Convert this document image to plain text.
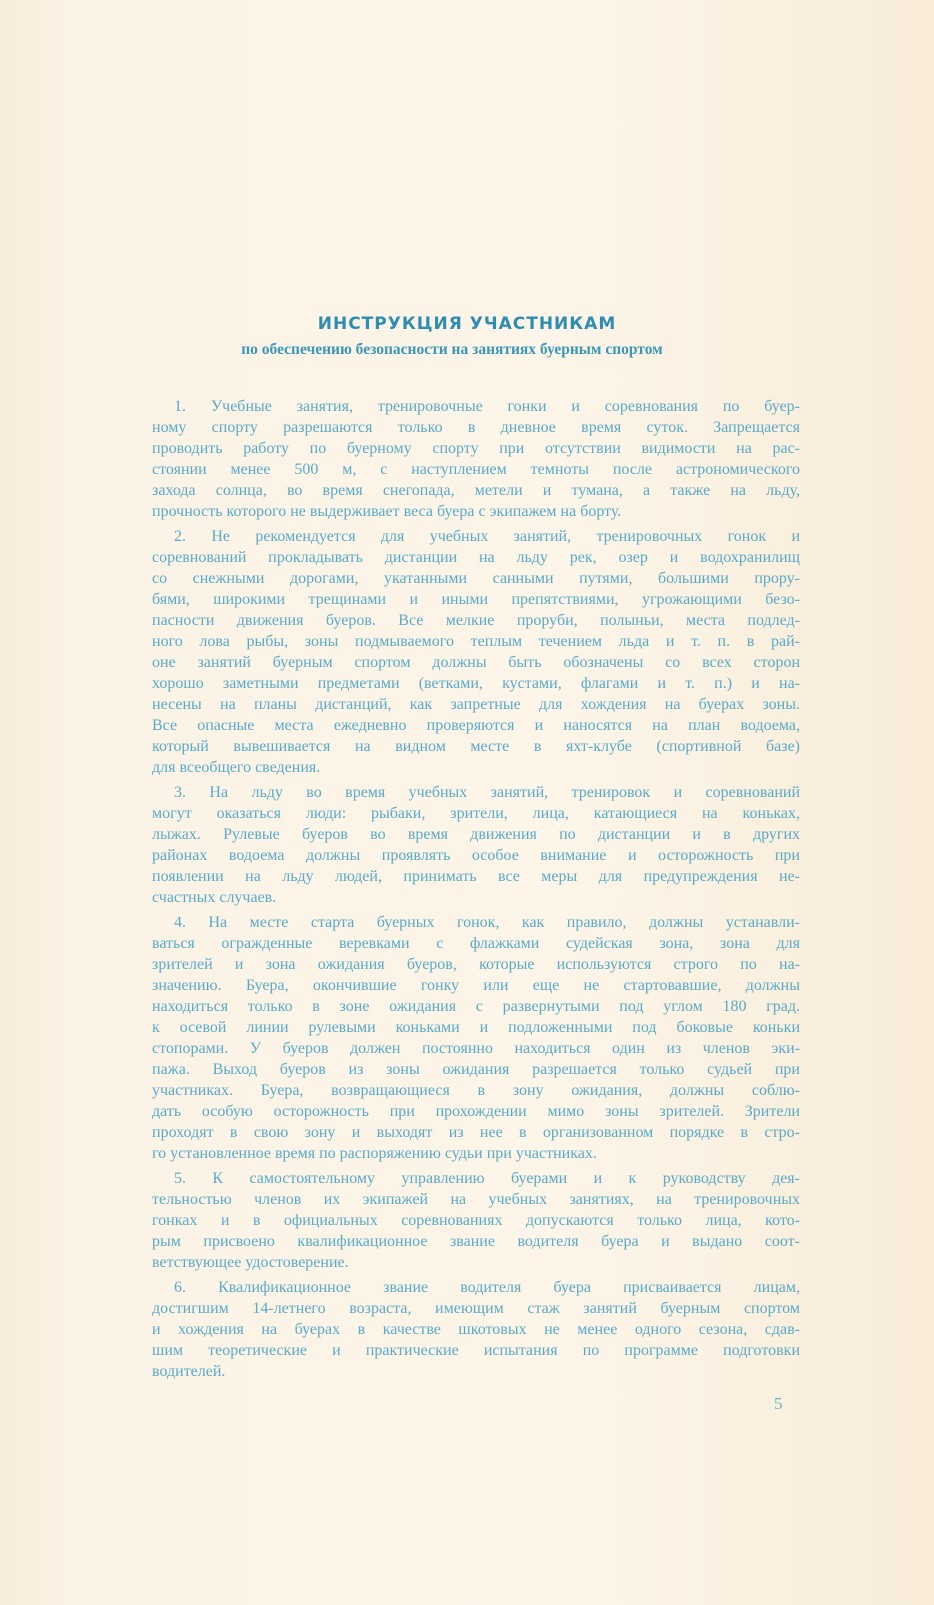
ИНСТРУКЦИЯ УЧАСТНИКАМ
по обеспечению безопасности на занятиях буерным спортом
1. Учебные занятия, тренировочные гонки и соревнования по буер-
ному спорту разрешаются только в дневное время суток. Запрещается
проводить работу по буерному спорту при отсутствии видимости на рас-
стоянии менее 500 м, с наступлением темноты после астрономического
захода солнца, во время снегопада, метели и тумана, а также на льду,
прочность которого не выдерживает веса буера с экипажем на борту.
2. Не рекомендуется для учебных занятий, тренировочных гонок и
соревнований прокладывать дистанции на льду рек, озер и водохранилищ
со снежными дорогами, укатанными санными путями, большими прору-
бями, широкими трещинами и иными препятствиями, угрожающими безо-
пасности движения буеров. Все мелкие проруби, полыньи, места подлед-
ного лова рыбы, зоны подмываемого теплым течением льда и т. п. в рай-
оне занятий буерным спортом должны быть обозначены со всех сторон
хорошо заметными предметами (ветками, кустами, флагами и т. п.) и на-
несены на планы дистанций, как запретные для хождения на буерах зоны.
Все опасные места ежедневно проверяются и наносятся на план водоема,
который вывешивается на видном месте в яхт-клубе (спортивной базе)
для всеобщего сведения.
3. На льду во время учебных занятий, тренировок и соревнований
могут оказаться люди: рыбаки, зрители, лица, катающиеся на коньках,
лыжах. Рулевые буеров во время движения по дистанции и в других
районах водоема должны проявлять особое внимание и осторожность при
появлении на льду людей, принимать все меры для предупреждения не-
счастных случаев.
4. На месте старта буерных гонок, как правило, должны устанавли-
ваться огражденные веревками с флажками судейская зона, зона для
зрителей и зона ожидания буеров, которые используются строго по на-
значению. Буера, окончившие гонку или еще не стартовавшие, должны
находиться только в зоне ожидания с развернутыми под углом 180 град.
к осевой линии рулевыми коньками и подложенными под боковые коньки
стопорами. У буеров должен постоянно находиться один из членов эки-
пажа. Выход буеров из зоны ожидания разрешается только судьей при
участниках. Буера, возвращающиеся в зону ожидания, должны соблю-
дать особую осторожность при прохождении мимо зоны зрителей. Зрители
проходят в свою зону и выходят из нее в организованном порядке в стро-
го установленное время по распоряжению судьи при участниках.
5. К самостоятельному управлению буерами и к руководству дея-
тельностью членов их экипажей на учебных занятиях, на тренировочных
гонках и в официальных соревнованиях допускаются только лица, кото-
рым присвоено квалификационное звание водителя буера и выдано соот-
ветствующее удостоверение.
6. Квалификационное звание водителя буера присваивается лицам,
достигшим 14-летнего возраста, имеющим стаж занятий буерным спортом
и хождения на буерах в качестве шкотовых не менее одного сезона, сдав-
шим теоретические и практические испытания по программе подготовки
водителей.
5
